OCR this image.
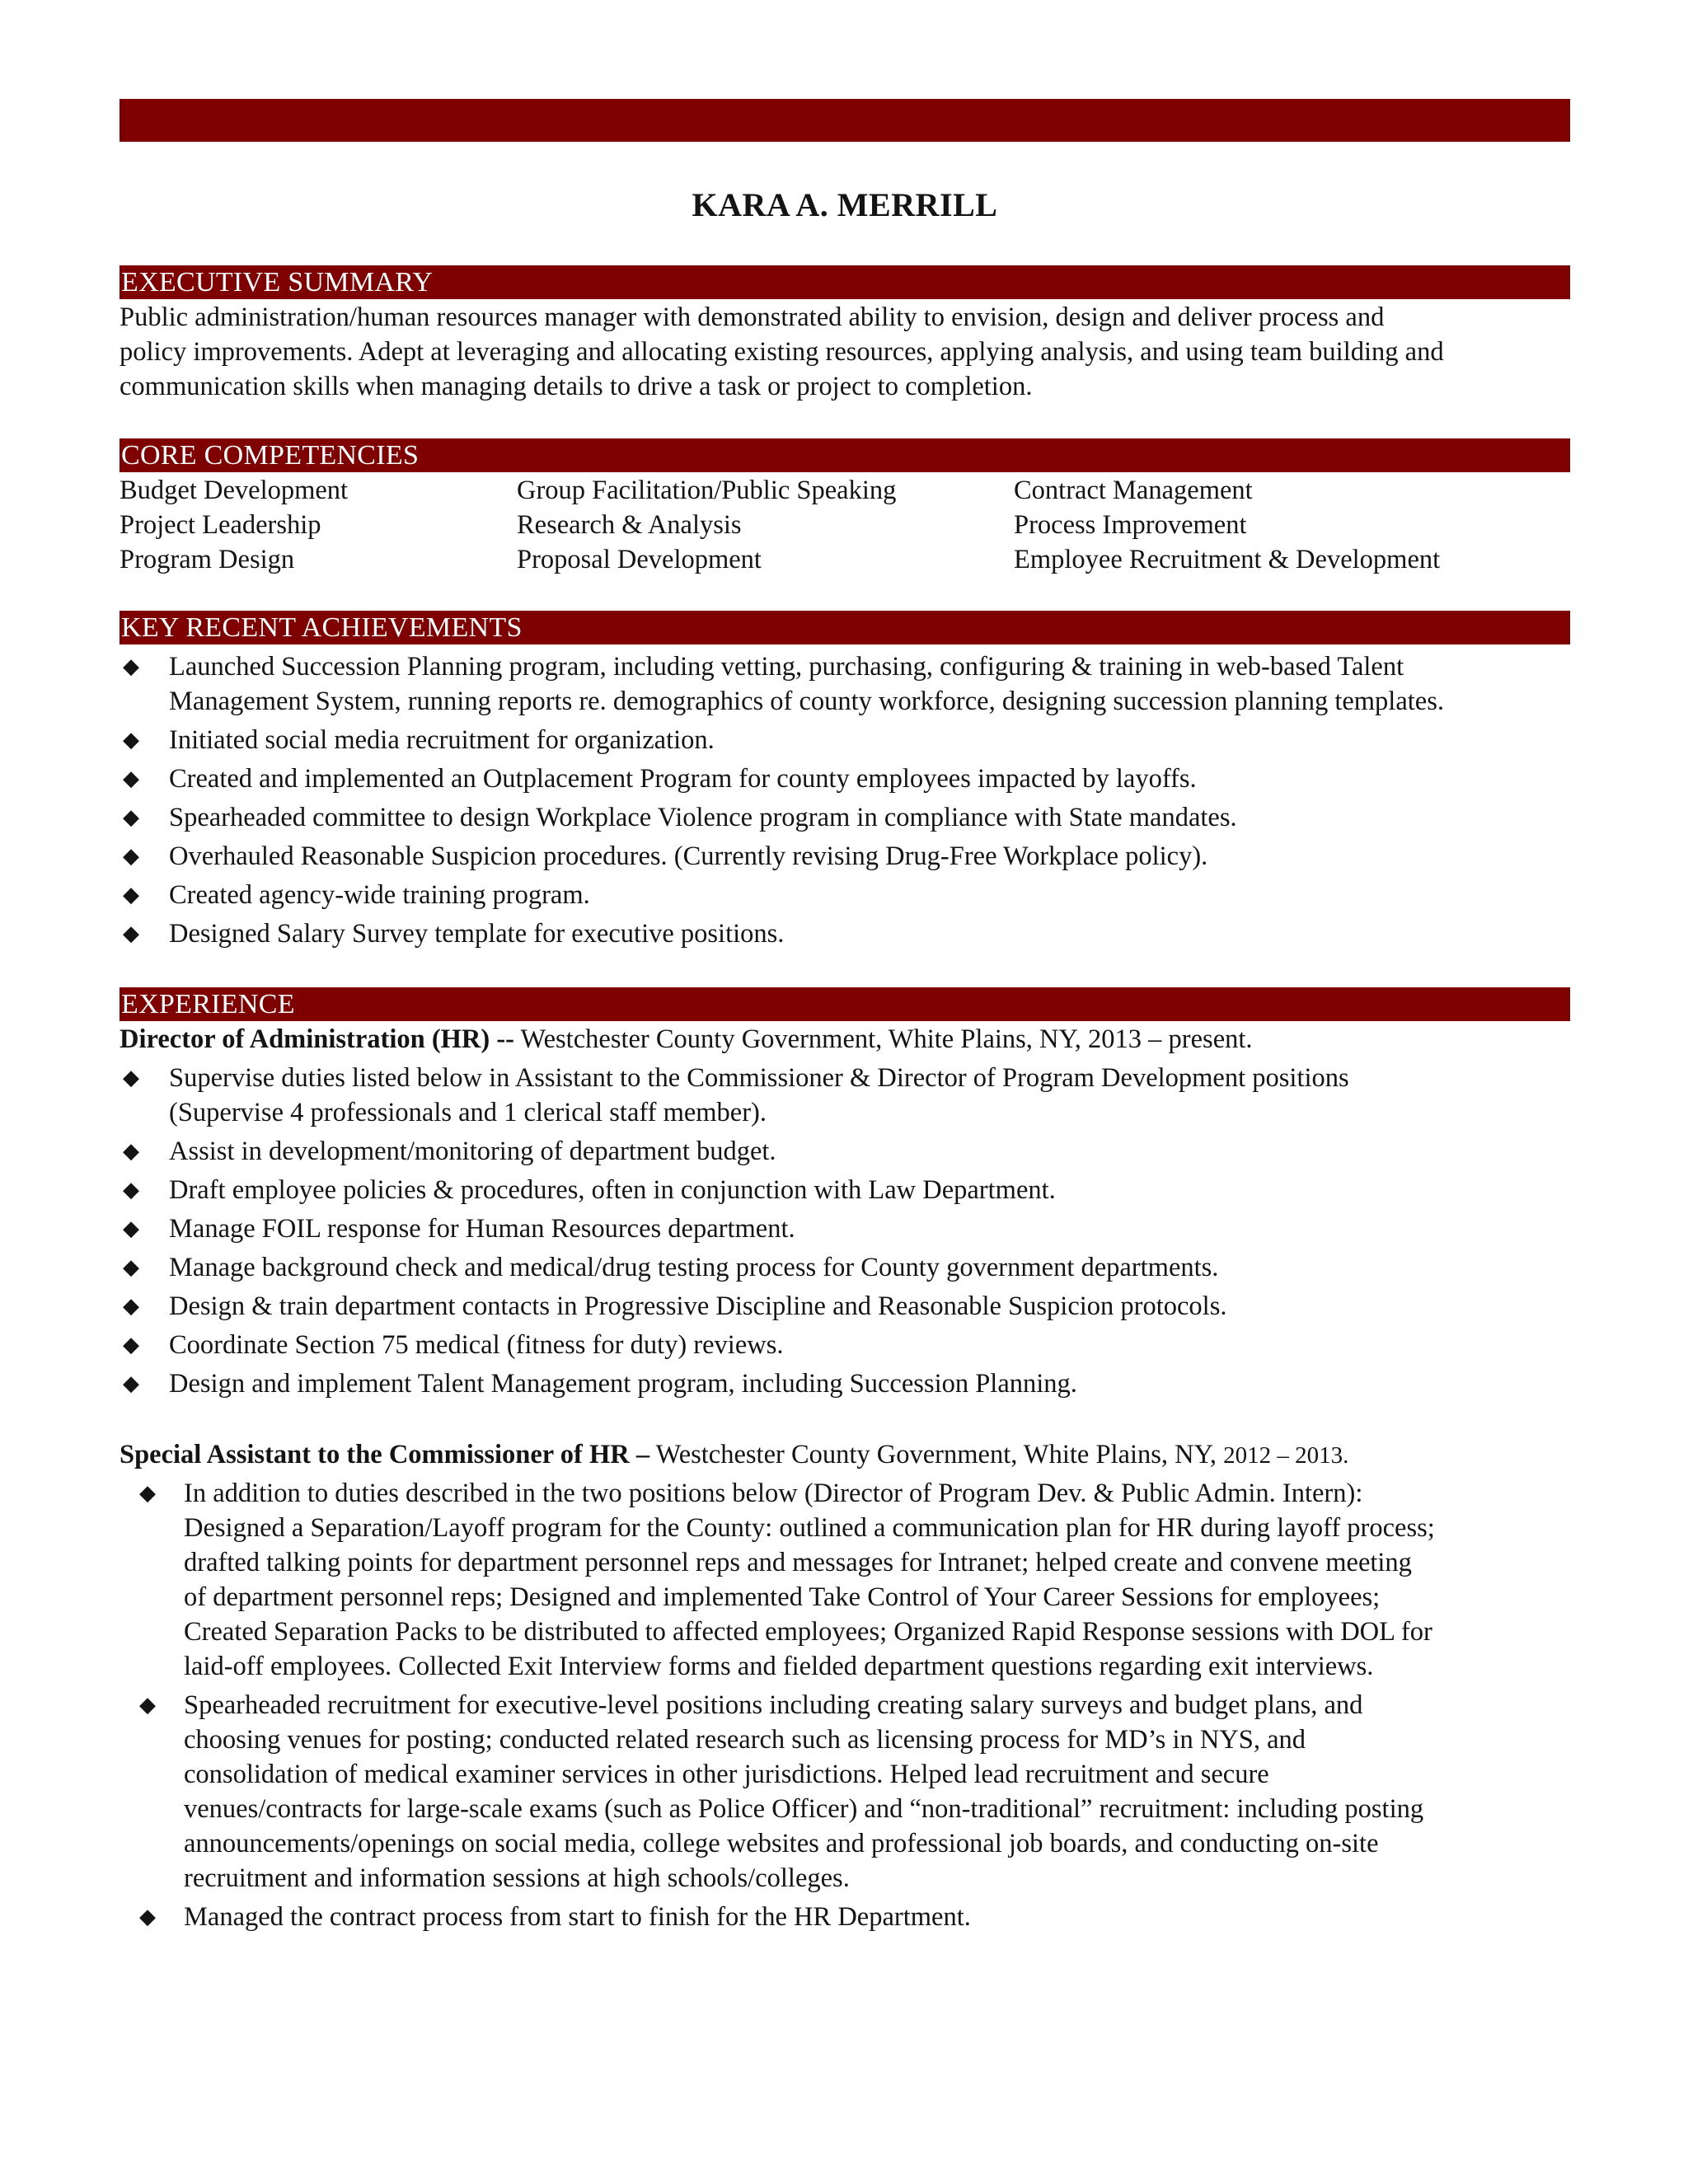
KARA A. MERRILL
EXECUTIVE SUMMARY
Public administration/human resources manager with demonstrated ability to envision, design and deliver process and
policy improvements. Adept at leveraging and allocating existing resources, applying analysis, and using team building and
communication skills when managing details to drive a task or project to completion.
CORE COMPETENCIES
Budget Development
Project Leadership
Program Design
Group Facilitation/Public Speaking
Research & Analysis
Proposal Development
Contract Management
Process Improvement
Employee Recruitment & Development
KEY RECENT ACHIEVEMENTS
◆ Launched Succession Planning program, including vetting, purchasing, configuring & training in web-based Talent
Management System, running reports re. demographics of county workforce, designing succession planning templates.
◆ Initiated social media recruitment for organization.
◆ Created and implemented an Outplacement Program for county employees impacted by layoffs.
◆ Spearheaded committee to design Workplace Violence program in compliance with State mandates.
◆ Overhauled Reasonable Suspicion procedures. (Currently revising Drug-Free Workplace policy).
◆ Created agency-wide training program.
◆ Designed Salary Survey template for executive positions.
EXPERIENCE
Director of Administration (HR) -- Westchester County Government, White Plains, NY, 2013 – present.
◆ Supervise duties listed below in Assistant to the Commissioner & Director of Program Development positions
(Supervise 4 professionals and 1 clerical staff member).
◆ Assist in development/monitoring of department budget.
◆ Draft employee policies & procedures, often in conjunction with Law Department.
◆ Manage FOIL response for Human Resources department.
◆ Manage background check and medical/drug testing process for County government departments.
◆ Design & train department contacts in Progressive Discipline and Reasonable Suspicion protocols.
◆ Coordinate Section 75 medical (fitness for duty) reviews.
◆ Design and implement Talent Management program, including Succession Planning.
Special Assistant to the Commissioner of HR – Westchester County Government, White Plains, NY, 2012 – 2013.
◆ In addition to duties described in the two positions below (Director of Program Dev. & Public Admin. Intern):
Designed a Separation/Layoff program for the County: outlined a communication plan for HR during layoff process;
drafted talking points for department personnel reps and messages for Intranet; helped create and convene meeting
of department personnel reps; Designed and implemented Take Control of Your Career Sessions for employees;
Created Separation Packs to be distributed to affected employees; Organized Rapid Response sessions with DOL for
laid-off employees. Collected Exit Interview forms and fielded department questions regarding exit interviews.
◆ Spearheaded recruitment for executive-level positions including creating salary surveys and budget plans, and
choosing venues for posting; conducted related research such as licensing process for MD’s in NYS, and
consolidation of medical examiner services in other jurisdictions. Helped lead recruitment and secure
venues/contracts for large-scale exams (such as Police Officer) and “non-traditional” recruitment: including posting
announcements/openings on social media, college websites and professional job boards, and conducting on-site
recruitment and information sessions at high schools/colleges.
◆ Managed the contract process from start to finish for the HR Department.
